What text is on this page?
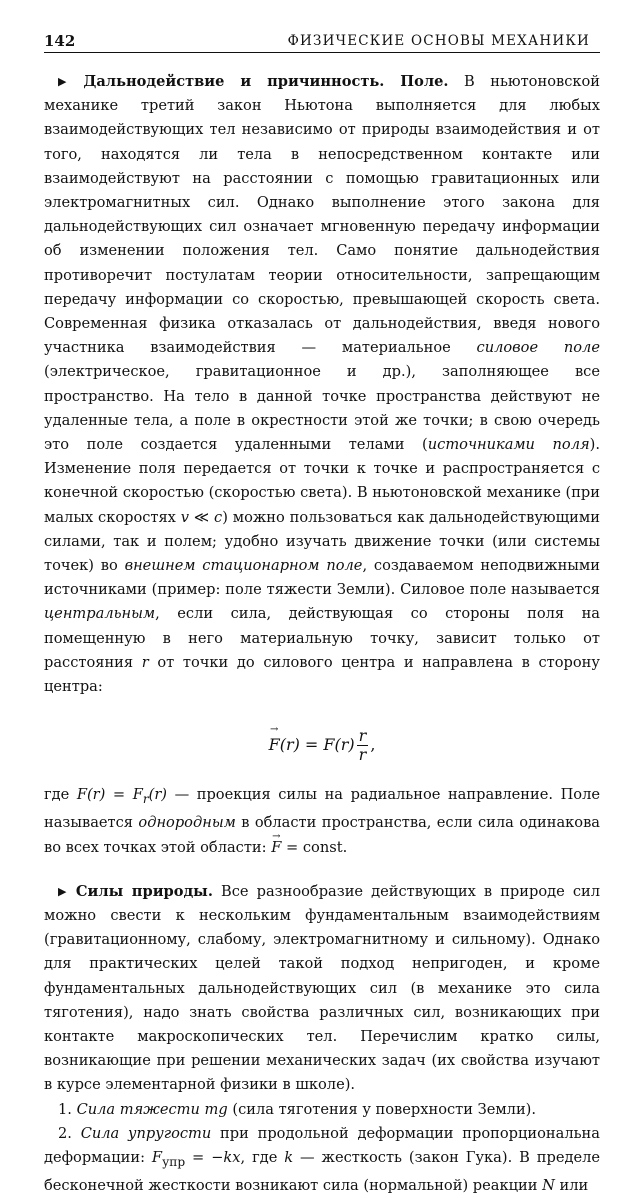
142	ФИЗИЧЕСКИЕ ОСНОВЫ МЕХАНИКИ

▶ Дальнодействие и причинность. Поле. В ньютоновской механике третий закон Ньютона выполняется для любых взаимодействующих тел независимо от природы взаимодействия и от того, находятся ли тела в непосредственном контакте или взаимодействуют на расстоянии с помощью гравитационных или электромагнитных сил. Однако выполнение этого закона для дальнодействующих сил означает мгновенную передачу информации об изменении положения тел. Само понятие дальнодействия противоречит постулатам теории относительности, запрещающим передачу информации со скоростью, превышающей скорость света. Современная физика отказалась от дальнодействия, введя нового участника взаимодействия — материальное силовое поле (электрическое, гравитационное и др.), заполняющее все пространство. На тело в данной точке пространства действуют не удаленные тела, а поле в окрестности этой же точки; в свою очередь это поле создается удаленными телами (источниками поля). Изменение поля передается от точки к точке и распространяется с конечной скоростью (скоростью света). В ньютоновской механике (при малых скоростях v ≪ c) можно пользоваться как дальнодействующими силами, так и полем; удобно изучать движение точки (или системы точек) во внешнем стационарном поле, создаваемом неподвижными источниками (пример: поле тяжести Земли). Силовое поле называется центральным, если сила, действующая со стороны поля на помещенную в него материальную точку, зависит только от расстояния r от точки до силового центра и направлена в сторону центра:

→ $F(r) = F(r) \frac{r}{r}$ ,

где $F(r) = F_r(r)$ — проекция силы на радиальное направление. Поле называется однородным в области пространства, если сила одинакова во всех точках этой области: → F = const.

▶ Силы природы. Все разнообразие действующих в природе сил можно свести к нескольким фундаментальным взаимодействиям (гравитационному, слабому, электромагнитному и сильному). Однако для практических целей такой подход непригоден, и кроме фундаментальных дальнодействующих сил (в механике это сила тяготения), надо знать свойства различных сил, возникающих при контакте макроскопических тел. Перечислим кратко силы, возникающие при решении механических задач (их свойства изучают в курсе элементарной физики в школе).

1. Сила тяжести mg (сила тяготения у поверхности Земли).

2. Сила упругости при продольной деформации пропорциональна деформации: $F_{упр} = -kx$, где k — жесткость (закон Гука). В пределе бесконечной жесткости возникают сила (нормальной) реакции N или
